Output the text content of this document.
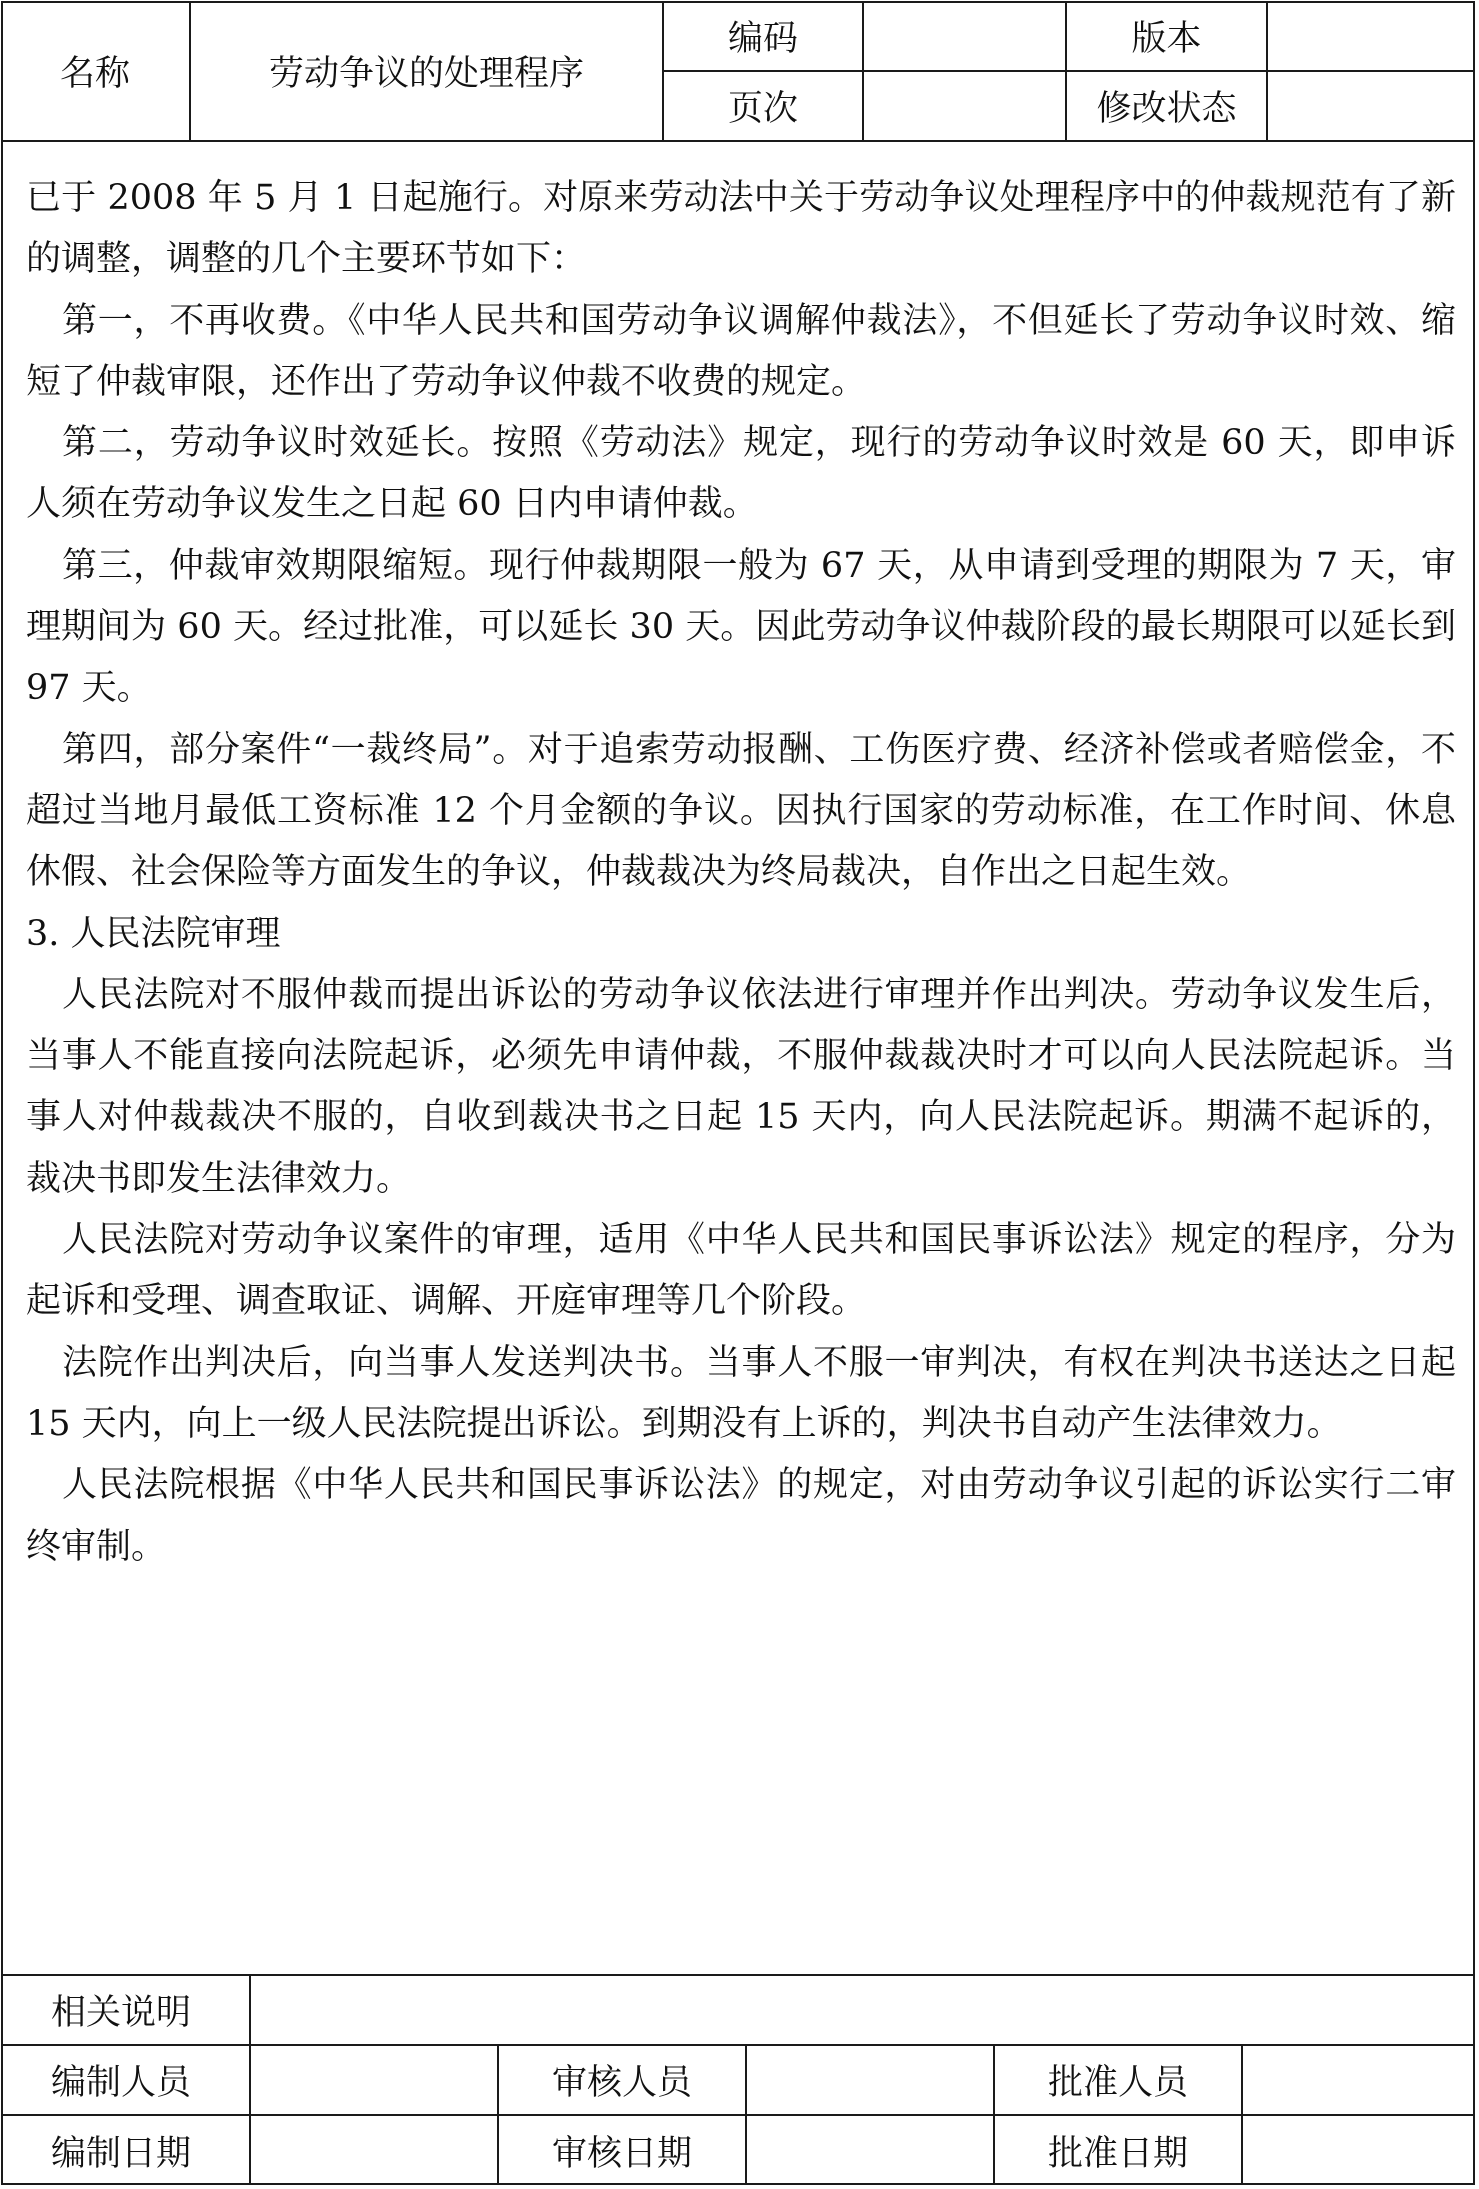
名称	劳动争议的处理程序	编码		版本	
		页次		修改状态	

已于 2008 年 5 月 1 日起施行。对原来劳动法中关于劳动争议处理程序中的仲裁规范有了新的调整，调整的几个主要环节如下：

第一，不再收费。《中华人民共和国劳动争议调解仲裁法》，不但延长了劳动争议时效、缩短了仲裁审限，还作出了劳动争议仲裁不收费的规定。

第二，劳动争议时效延长。按照《劳动法》规定，现行的劳动争议时效是 60 天，即申诉人须在劳动争议发生之日起 60 日内申请仲裁。

第三，仲裁审效期限缩短。现行仲裁期限一般为 67 天，从申请到受理的期限为 7 天，审理期间为 60 天。经过批准，可以延长 30 天。因此劳动争议仲裁阶段的最长期限可以延长到 97 天。

第四，部分案件“一裁终局”。对于追索劳动报酬、工伤医疗费、经济补偿或者赔偿金，不超过当地月最低工资标准 12 个月金额的争议。因执行国家的劳动标准，在工作时间、休息休假、社会保险等方面发生的争议，仲裁裁决为终局裁决，自作出之日起生效。

3. 人民法院审理

人民法院对不服仲裁而提出诉讼的劳动争议依法进行审理并作出判决。劳动争议发生后，当事人不能直接向法院起诉，必须先申请仲裁，不服仲裁裁决时才可以向人民法院起诉。当事人对仲裁裁决不服的，自收到裁决书之日起 15 天内，向人民法院起诉。期满不起诉的，裁决书即发生法律效力。

人民法院对劳动争议案件的审理，适用《中华人民共和国民事诉讼法》规定的程序，分为起诉和受理、调查取证、调解、开庭审理等几个阶段。

法院作出判决后，向当事人发送判决书。当事人不服一审判决，有权在判决书送达之日起 15 天内，向上一级人民法院提出诉讼。到期没有上诉的，判决书自动产生法律效力。

人民法院根据《中华人民共和国民事诉讼法》的规定，对由劳动争议引起的诉讼实行二审终审制。

相关说明					
编制人员		审核人员		批准人员	
编制日期		审核日期		批准日期	
